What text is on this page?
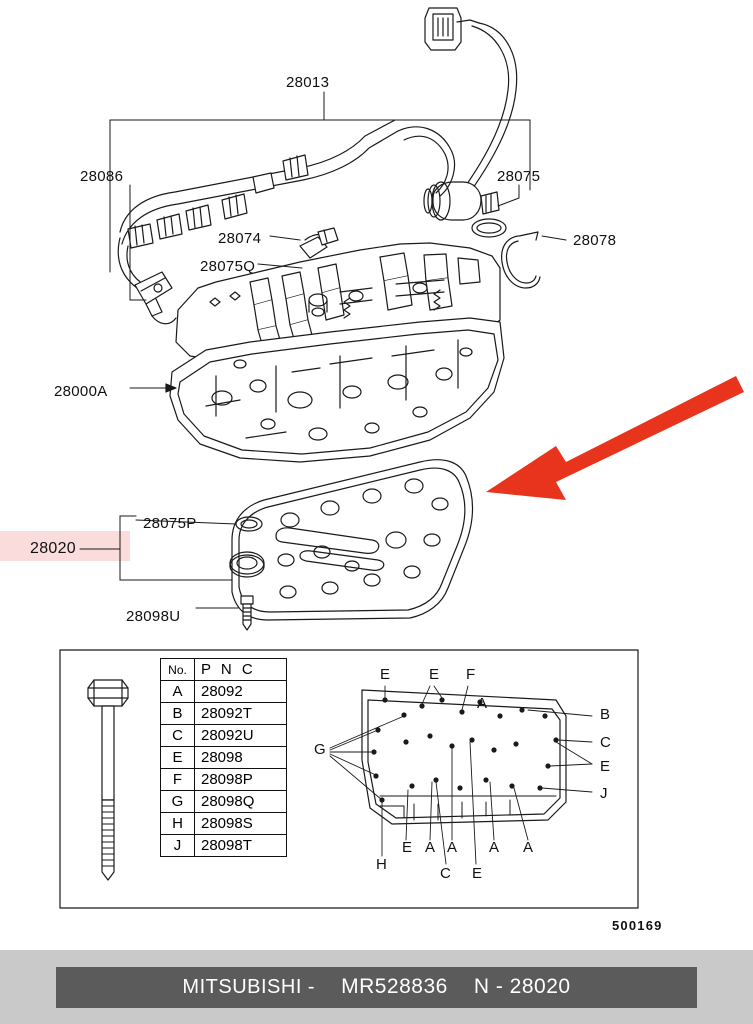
28013
28086	28075
28074	28078
28075Q
28000A
28075P
28020
28098U
500169
No.	P N C
A	28092
B	28092T
C	28092U
E	28098
F	28098P
G	28098Q
H	28098S
J	28098T
E	E F
A
B
C
G
E
J
H
E A A A A
C E
MITSUBISHI - MR528836 N - 28020
